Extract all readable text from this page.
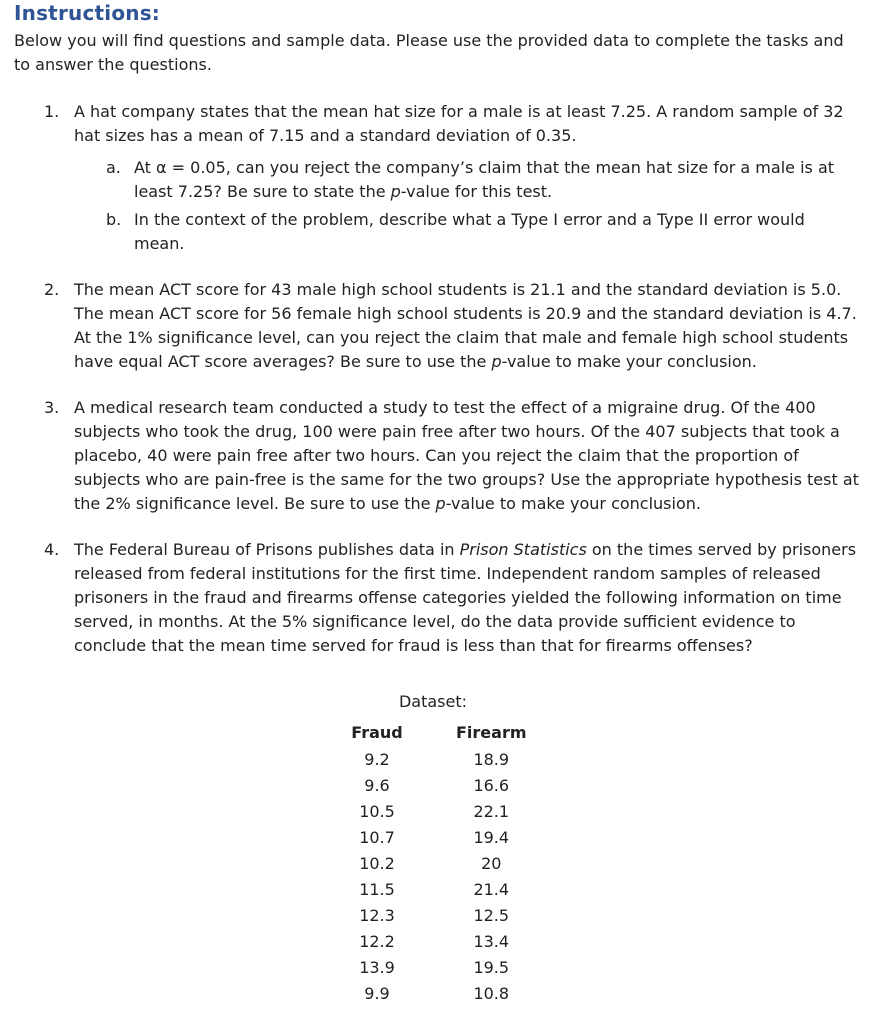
Instructions:

Below you will find questions and sample data. Please use the provided data to complete the tasks and to answer the questions.

1. A hat company states that the mean hat size for a male is at least 7.25. A random sample of 32 hat sizes has a mean of 7.15 and a standard deviation of 0.35.

a. At α = 0.05, can you reject the company’s claim that the mean hat size for a male is at least 7.25? Be sure to state the p-value for this test.

b. In the context of the problem, describe what a Type I error and a Type II error would mean.

2. The mean ACT score for 43 male high school students is 21.1 and the standard deviation is 5.0. The mean ACT score for 56 female high school students is 20.9 and the standard deviation is 4.7. At the 1% significance level, can you reject the claim that male and female high school students have equal ACT score averages? Be sure to use the p-value to make your conclusion.

3. A medical research team conducted a study to test the effect of a migraine drug. Of the 400 subjects who took the drug, 100 were pain free after two hours. Of the 407 subjects that took a placebo, 40 were pain free after two hours. Can you reject the claim that the proportion of subjects who are pain-free is the same for the two groups? Use the appropriate hypothesis test at the 2% significance level. Be sure to use the p-value to make your conclusion.

4. The Federal Bureau of Prisons publishes data in Prison Statistics on the times served by prisoners released from federal institutions for the first time. Independent random samples of released prisoners in the fraud and firearms offense categories yielded the following information on time served, in months. At the 5% significance level, do the data provide sufficient evidence to conclude that the mean time served for fraud is less than that for firearms offenses?

Dataset:
Fraud		Firearm
9.2		18.9
9.6		16.6
10.5		22.1
10.7		19.4
10.2		20
11.5		21.4
12.3		12.5
12.2		13.4
13.9		19.5
9.9		10.8
